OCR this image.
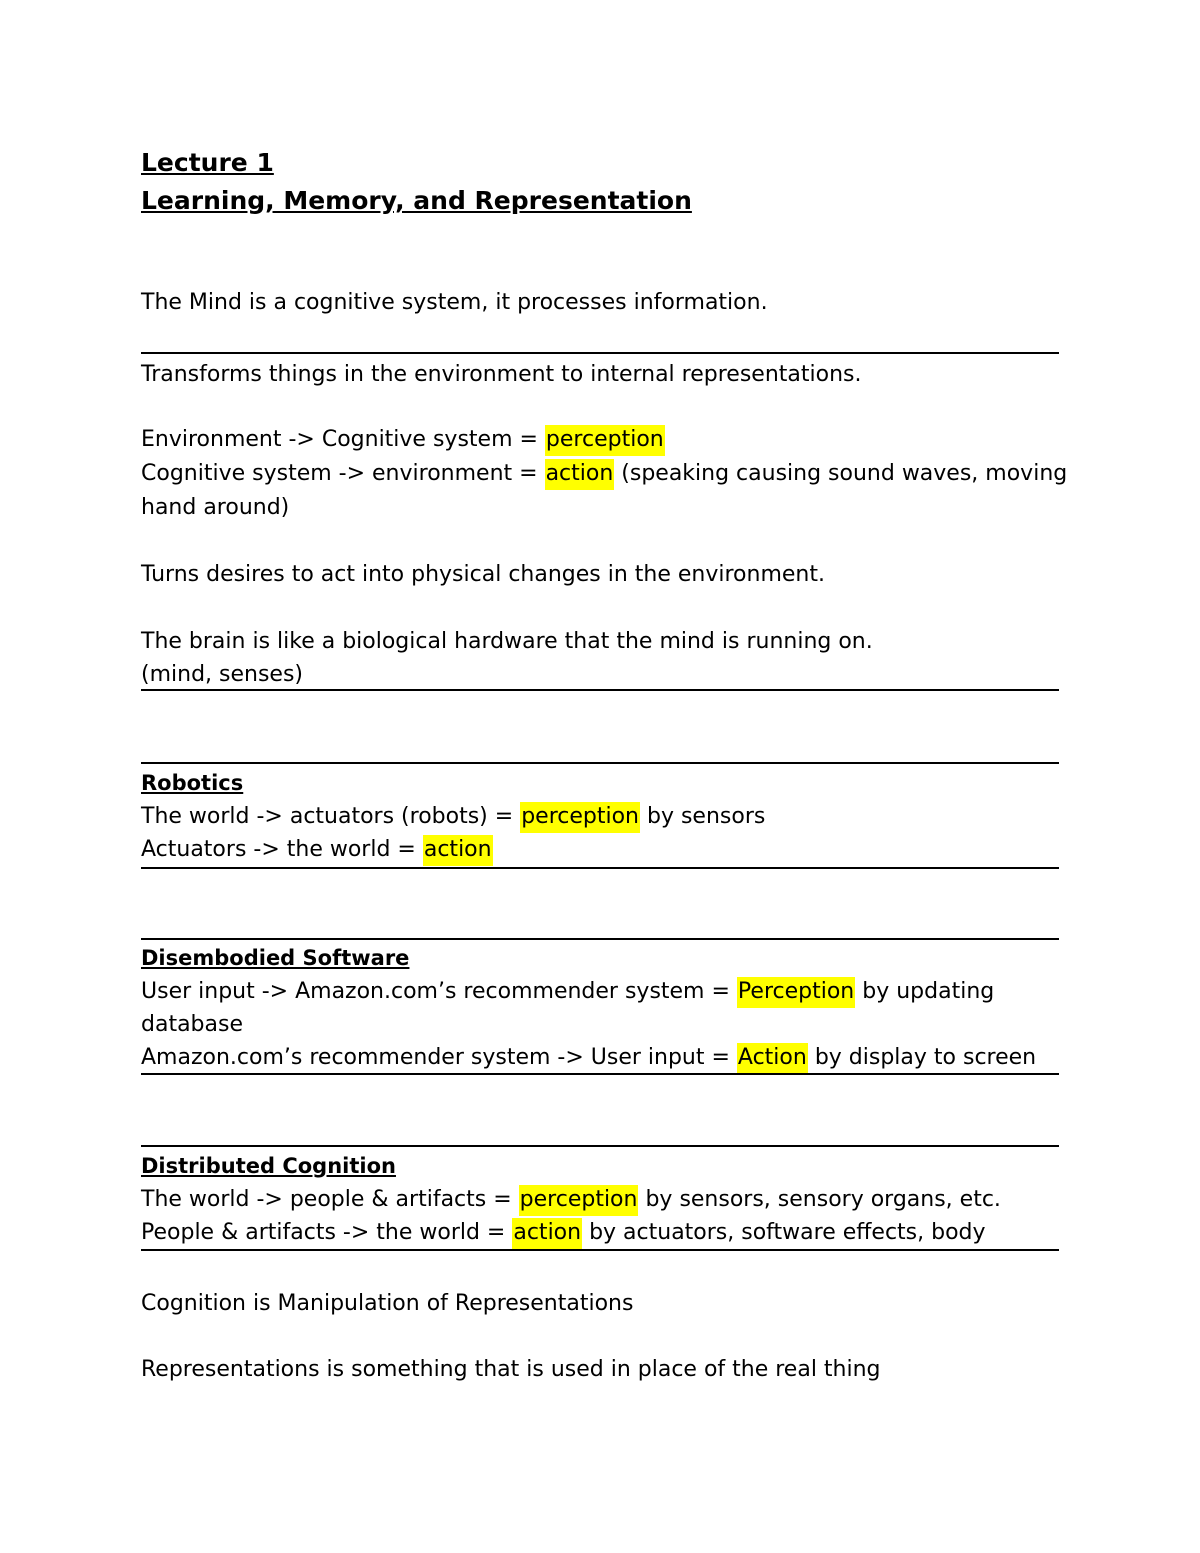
Lecture 1
Learning, Memory, and Representation
The Mind is a cognitive system, it processes information.
Transforms things in the environment to internal representations.
Environment -> Cognitive system = perception
Cognitive system -> environment = action (speaking causing sound waves, moving
hand around)
Turns desires to act into physical changes in the environment.
The brain is like a biological hardware that the mind is running on.
(mind, senses)
Robotics
The world -> actuators (robots) = perception by sensors
Actuators -> the world = action
Disembodied Software
User input -> Amazon.com’s recommender system = Perception by updating
database
Amazon.com’s recommender system -> User input = Action by display to screen
Distributed Cognition
The world -> people & artifacts = perception by sensors, sensory organs, etc.
People & artifacts -> the world = action by actuators, software effects, body
Cognition is Manipulation of Representations
Representations is something that is used in place of the real thing
